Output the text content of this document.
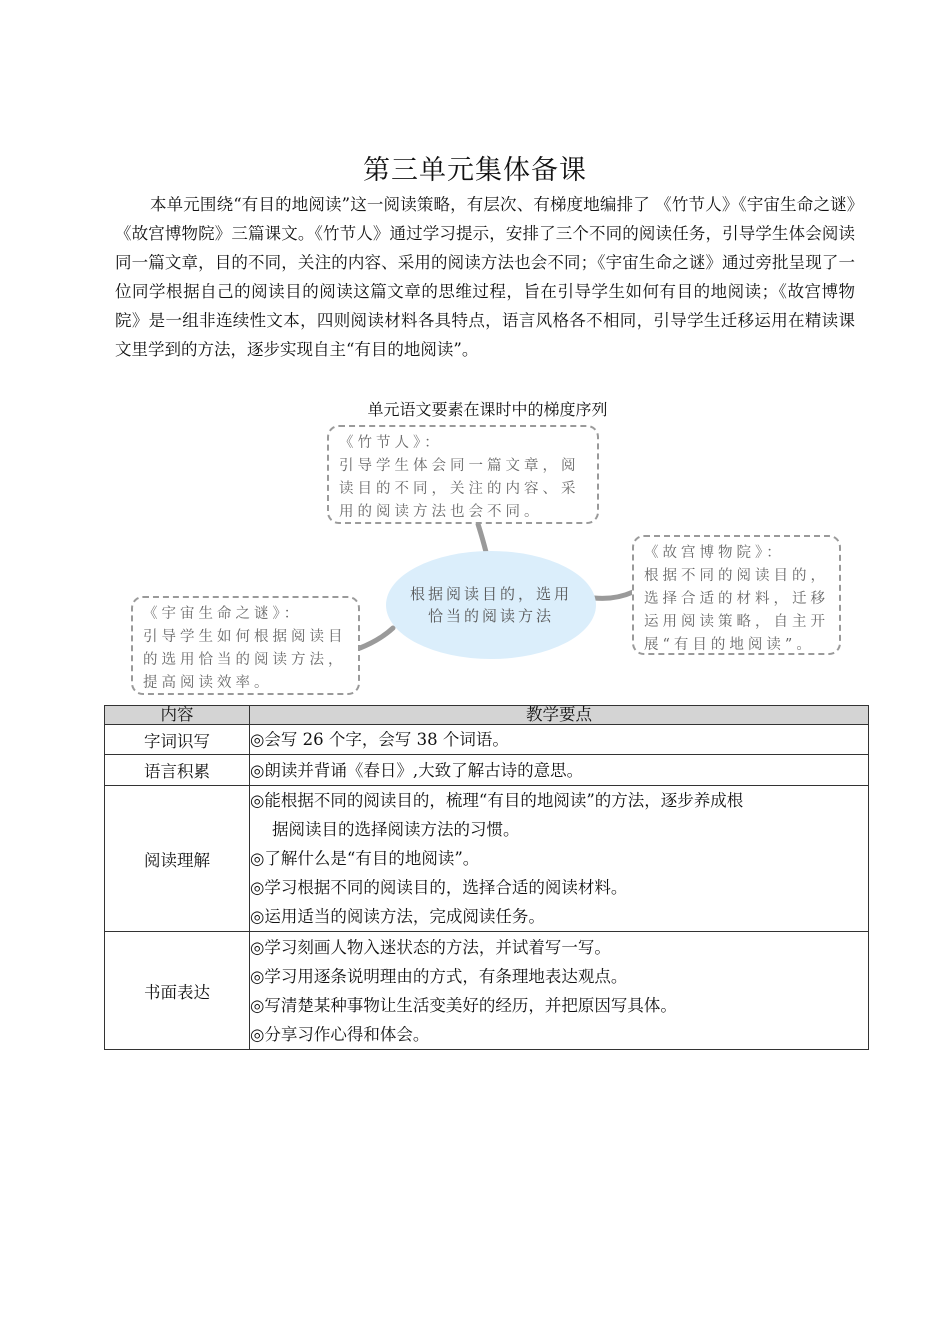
第三单元集体备课

本单元围绕“有目的地阅读”这一阅读策略，有层次、有梯度地编排了 《竹节人》《宇宙生命之谜》《故宫博物院》三篇课文。《竹节人》通过学习提示，安排了三个不同的阅读任务，引导学生体会阅读同一篇文章，目的不同，关注的内容、采用的阅读方法也会不同；《宇宙生命之谜》通过旁批呈现了一位同学根据自己的阅读目的阅读这篇文章的思维过程，旨在引导学生如何有目的地阅读；《故宫博物院》是一组非连续性文本，四则阅读材料各具特点，语言风格各不相同，引导学生迁移运用在精读课文里学到的方法，逐步实现自主“有目的地阅读”。

单元语文要素在课时中的梯度序列
《竹节人》：
引导学生体会同一篇文章，阅读目的不同，关注的内容、采用的阅读方法也会不同。
《故宫博物院》：
根据不同的阅读目的，选择合适的材料，迁移运用阅读策略，自主开展“有目的地阅读”。
《宇宙生命之谜》：
引导学生如何根据阅读目的选用恰当的阅读方法，提高阅读效率。
根据阅读目的，选用恰当的阅读方法
内容	教学要点
字词识写	◎会写 26 个字，会写 38 个词语。

语言积累	◎朗读并背诵《春日》,大致了解古诗的意思。

阅读理解	◎能根据不同的阅读目的，梳理“有目的地阅读”的方法，逐步养成根
据阅读目的选择阅读方法的习惯。
◎了解什么是“有目的地阅读”。
◎学习根据不同的阅读目的，选择合适的阅读材料。
◎运用适当的阅读方法，完成阅读任务。

书面表达	◎学习刻画人物入迷状态的方法，并试着写一写。
◎学习用逐条说明理由的方式，有条理地表达观点。
◎写清楚某种事物让生活变美好的经历，并把原因写具体。
◎分享习作心得和体会。
